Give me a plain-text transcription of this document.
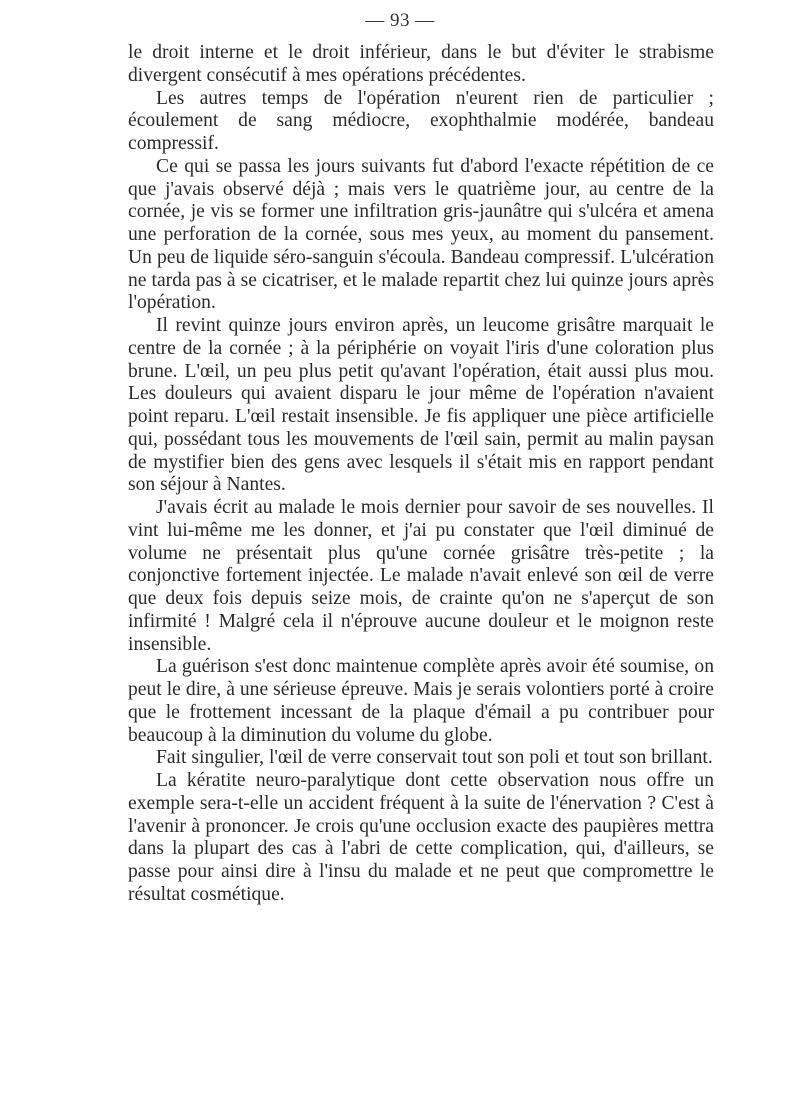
— 93 —

le droit interne et le droit inférieur, dans le but d'éviter le strabisme divergent consécutif à mes opérations précédentes.

Les autres temps de l'opération n'eurent rien de particulier ; écoulement de sang médiocre, exophthalmie modérée, bandeau compressif.

Ce qui se passa les jours suivants fut d'abord l'exacte répétition de ce que j'avais observé déjà ; mais vers le quatrième jour, au centre de la cornée, je vis se former une infiltration gris-jaunâtre qui s'ulcéra et amena une perforation de la cornée, sous mes yeux, au moment du pansement. Un peu de liquide séro-sanguin s'écoula. Bandeau compressif. L'ulcération ne tarda pas à se cicatriser, et le malade repartit chez lui quinze jours après l'opération.

Il revint quinze jours environ après, un leucome grisâtre marquait le centre de la cornée ; à la périphérie on voyait l'iris d'une coloration plus brune. L'œil, un peu plus petit qu'avant l'opération, était aussi plus mou. Les douleurs qui avaient disparu le jour même de l'opération n'avaient point reparu. L'œil restait insensible. Je fis appliquer une pièce artificielle qui, possédant tous les mouvements de l'œil sain, permit au malin paysan de mystifier bien des gens avec lesquels il s'était mis en rapport pendant son séjour à Nantes.

J'avais écrit au malade le mois dernier pour savoir de ses nouvelles. Il vint lui-même me les donner, et j'ai pu constater que l'œil diminué de volume ne présentait plus qu'une cornée grisâtre très-petite ; la conjonctive fortement injectée. Le malade n'avait enlevé son œil de verre que deux fois depuis seize mois, de crainte qu'on ne s'aperçut de son infirmité ! Malgré cela il n'éprouve aucune douleur et le moignon reste insensible.

La guérison s'est donc maintenue complète après avoir été soumise, on peut le dire, à une sérieuse épreuve. Mais je serais volontiers porté à croire que le frottement incessant de la plaque d'émail a pu contribuer pour beaucoup à la diminution du volume du globe.

Fait singulier, l'œil de verre conservait tout son poli et tout son brillant.

La kératite neuro-paralytique dont cette observation nous offre un exemple sera-t-elle un accident fréquent à la suite de l'énervation ? C'est à l'avenir à prononcer. Je crois qu'une occlusion exacte des paupières mettra dans la plupart des cas à l'abri de cette complication, qui, d'ailleurs, se passe pour ainsi dire à l'insu du malade et ne peut que compromettre le résultat cosmétique.
